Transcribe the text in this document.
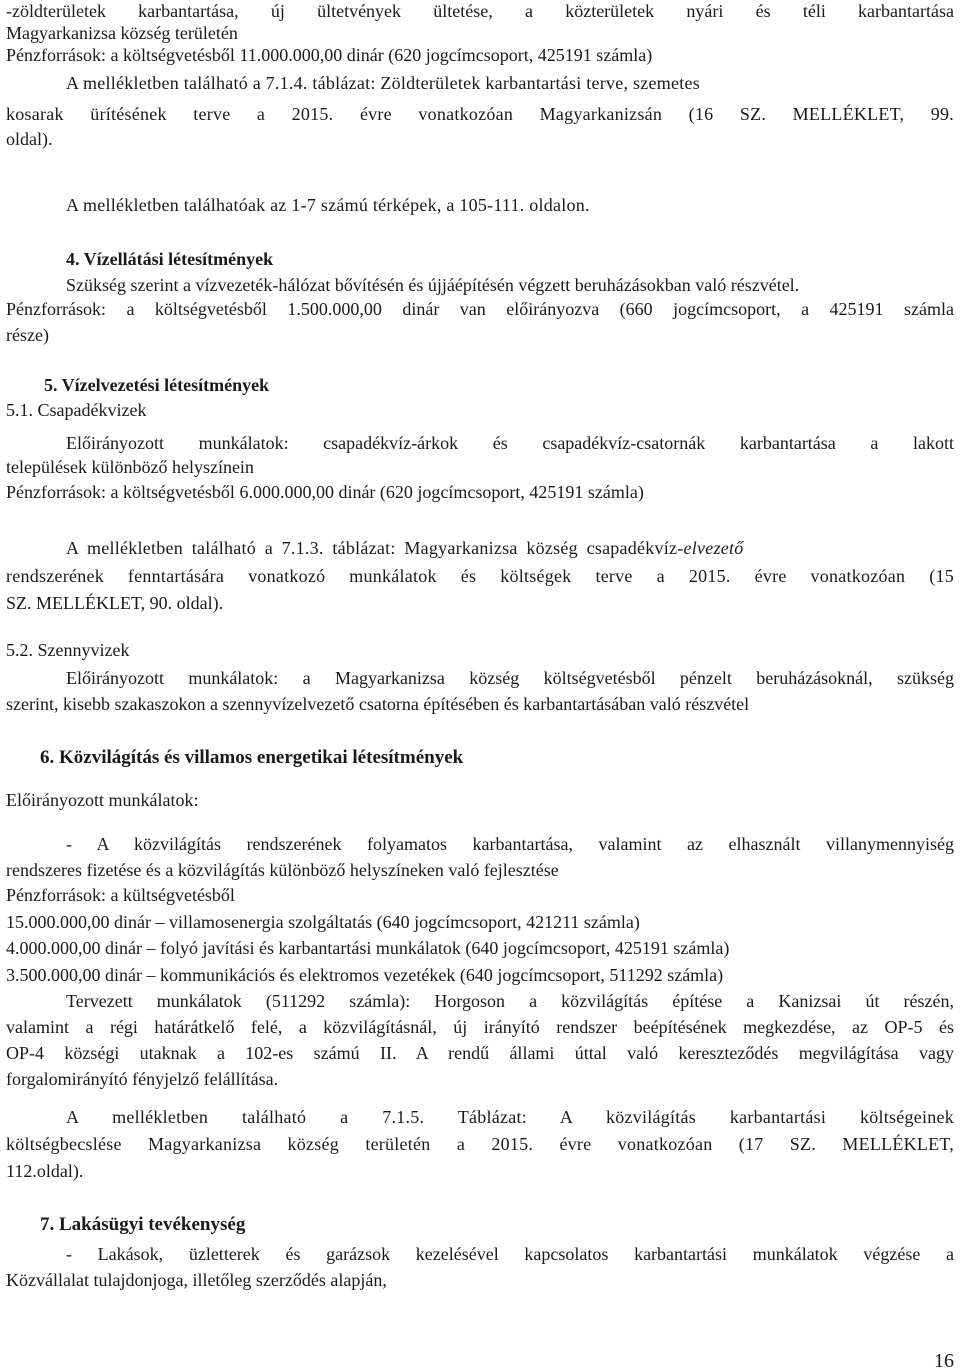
-zöldterületek karbantartása, új ültetvények ültetése, a közterületek nyári és téli karbantartása
Magyarkanizsa község területén
Pénzforrások: a költségvetésből 11.000.000,00 dinár (620 jogcímcsoport, 425191 számla)
A mellékletben található a 7.1.4. táblázat: Zöldterületek karbantartási terve, szemetes
kosarak ürítésének terve a 2015. évre vonatkozóan Magyarkanizsán (16 SZ. MELLÉKLET, 99.
oldal).
A mellékletben találhatóak az 1-7 számú térképek, a 105-111. oldalon.
4. Vízellátási létesítmények
Szükség szerint a vízvezeték-hálózat bővítésén és újjáépítésén végzett beruházásokban való részvétel.
Pénzforrások: a költségvetésből 1.500.000,00 dinár van előirányozva (660 jogcímcsoport, a 425191 számla
része)
5. Vízelvezetési létesítmények
5.1. Csapadékvizek
Előirányozott munkálatok: csapadékvíz-árkok és csapadékvíz-csatornák karbantartása a lakott
települések különböző helyszínein
Pénzforrások: a költségvetésből 6.000.000,00 dinár (620 jogcímcsoport, 425191 számla)
A mellékletben található a 7.1.3. táblázat: Magyarkanizsa község csapadékvíz- elvezető
rendszerének fenntartására vonatkozó munkálatok és költségek terve a 2015. évre vonatkozóan (15
SZ. MELLÉKLET, 90. oldal).
5.2. Szennyvizek
Előirányozott munkálatok: a Magyarkanizsa község költségvetésből pénzelt beruházásoknál, szükség
szerint, kisebb szakaszokon a szennyvízelvezető csatorna építésében és karbantartásában való részvétel
6. Közvilágítás és villamos energetikai létesítmények
Előirányozott munkálatok:
- A közvilágítás rendszerének folyamatos karbantartása, valamint az elhasznált villanymennyiség
rendszeres fizetése és a közvilágítás különböző helyszíneken való fejlesztése
Pénzforrások: a kültségvetésből
15.000.000,00 dinár – villamosenergia szolgáltatás (640 jogcímcsoport, 421211 számla)
4.000.000,00 dinár – folyó javítási és karbantartási munkálatok (640 jogcímcsoport, 425191 számla)
3.500.000,00 dinár – kommunikációs és elektromos vezetékek (640 jogcímcsoport, 511292 számla)
Tervezett munkálatok (511292 számla): Horgoson a közvilágítás építése a Kanizsai út részén,
valamint a régi határátkelő felé, a közvilágításnál, új irányító rendszer beépítésének megkezdése, az OP-5 és
OP-4 községi utaknak a 102-es számú II. A rendű állami úttal való kereszteződés megvilágítása vagy
forgalomirányító fényjelző felállítása.
A mellékletben található a 7.1.5. Táblázat: A közvilágítás karbantartási költségeinek
költségbecslése Magyarkanizsa község területén a 2015. évre vonatkozóan (17 SZ. MELLÉKLET,
112.oldal).
7. Lakásügyi tevékenység
- Lakások, üzletterek és garázsok kezelésével kapcsolatos karbantartási munkálatok végzése a
Közvállalat tulajdonjoga, illetőleg szerződés alapján,
16
